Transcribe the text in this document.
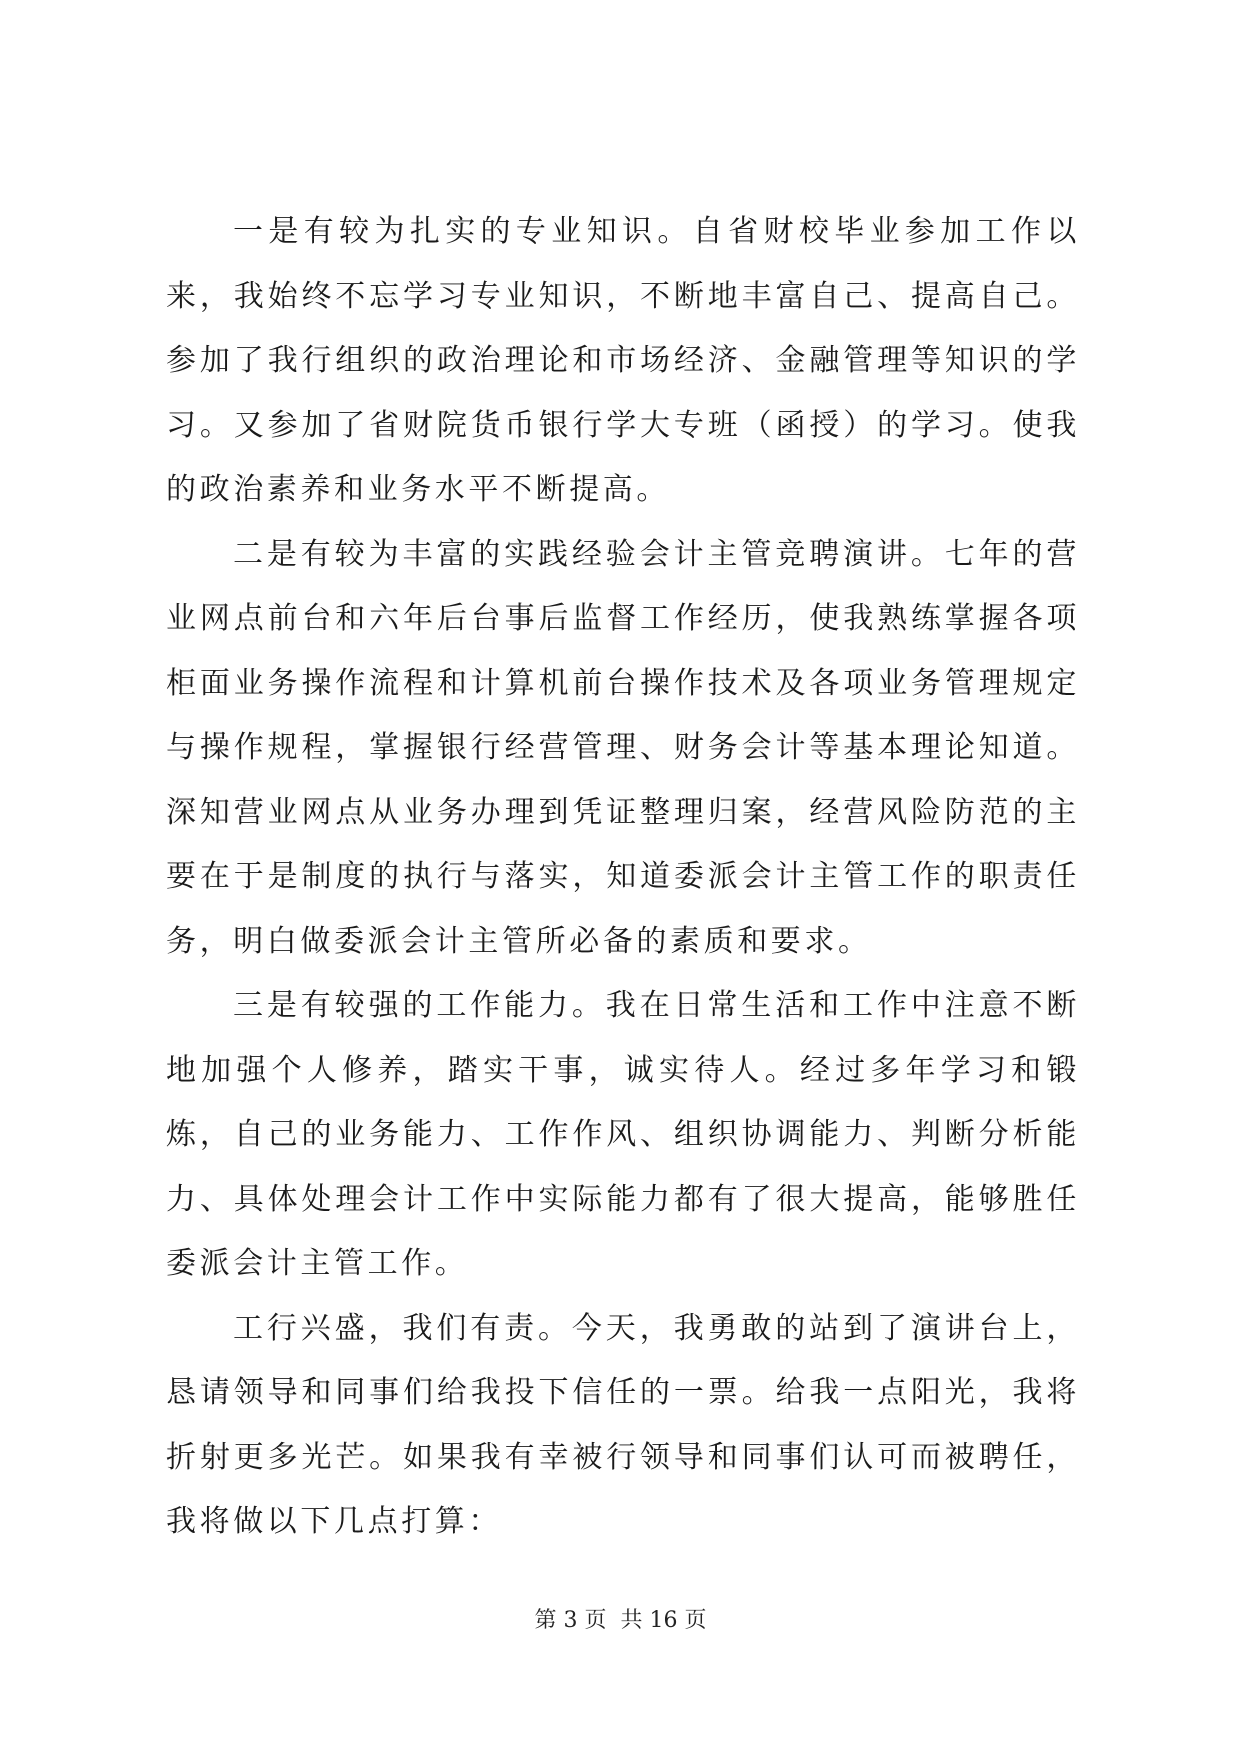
一是有较为扎实的专业知识。自省财校毕业参加工作以来，我始终不忘学习专业知识，不断地丰富自己、提高自己。参加了我行组织的政治理论和市场经济、金融管理等知识的学习。又参加了省财院货币银行学大专班（函授）的学习。使我的政治素养和业务水平不断提高。

二是有较为丰富的实践经验会计主管竞聘演讲。七年的营业网点前台和六年后台事后监督工作经历，使我熟练掌握各项柜面业务操作流程和计算机前台操作技术及各项业务管理规定与操作规程，掌握银行经营管理、财务会计等基本理论知道。深知营业网点从业务办理到凭证整理归案，经营风险防范的主要在于是制度的执行与落实，知道委派会计主管工作的职责任务，明白做委派会计主管所必备的素质和要求。

三是有较强的工作能力。我在日常生活和工作中注意不断地加强个人修养，踏实干事，诚实待人。经过多年学习和锻炼，自己的业务能力、工作作风、组织协调能力、判断分析能力、具体处理会计工作中实际能力都有了很大提高，能够胜任委派会计主管工作。

工行兴盛，我们有责。今天，我勇敢的站到了演讲台上，恳请领导和同事们给我投下信任的一票。给我一点阳光，我将折射更多光芒。如果我有幸被行领导和同事们认可而被聘任，我将做以下几点打算：

第 3 页 共 16 页
